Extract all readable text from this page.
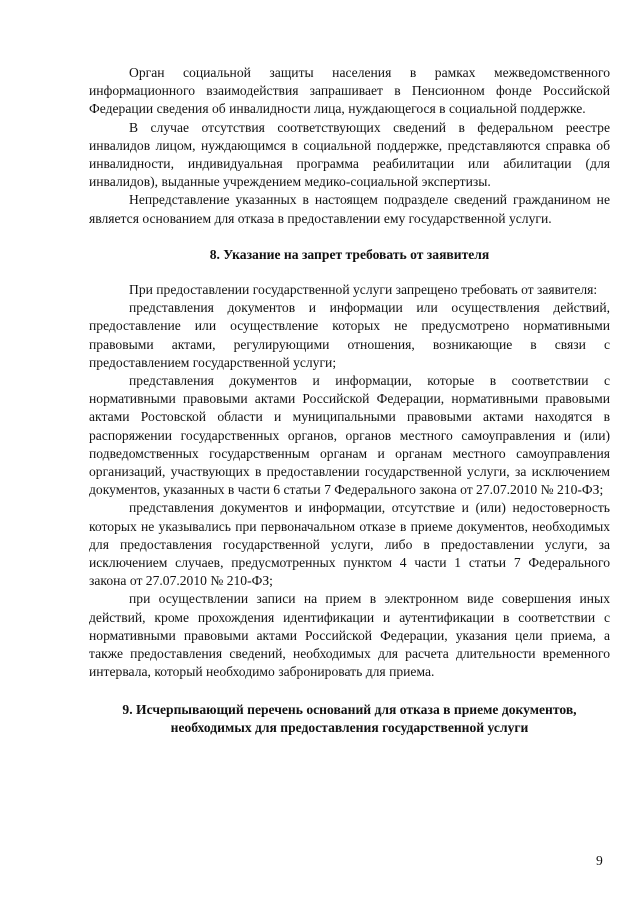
Орган социальной защиты населения в рамках межведомственного информационного взаимодействия запрашивает в Пенсионном фонде Российской Федерации сведения об инвалидности лица, нуждающегося в социальной поддержке.

В случае отсутствия соответствующих сведений в федеральном реестре инвалидов лицом, нуждающимся в социальной поддержке, представляются справка об инвалидности, индивидуальная программа реабилитации или абилитации (для инвалидов), выданные учреждением медико-социальной экспертизы.

Непредставление указанных в настоящем подразделе сведений гражданином не является основанием для отказа в предоставлении ему государственной услуги.

8. Указание на запрет требовать от заявителя

При предоставлении государственной услуги запрещено требовать от заявителя:

представления документов и информации или осуществления действий, предоставление или осуществление которых не предусмотрено нормативными правовыми актами, регулирующими отношения, возникающие в связи с предоставлением государственной услуги;

представления документов и информации, которые в соответствии с нормативными правовыми актами Российской Федерации, нормативными правовыми актами Ростовской области и муниципальными правовыми актами находятся в распоряжении государственных органов, органов местного самоуправления и (или) подведомственных государственным органам и органам местного самоуправления организаций, участвующих в предоставлении государственной услуги, за исключением документов, указанных в части 6 статьи 7 Федерального закона от 27.07.2010 № 210-ФЗ;

представления документов и информации, отсутствие и (или) недостоверность которых не указывались при первоначальном отказе в приеме документов, необходимых для предоставления государственной услуги, либо в предоставлении услуги, за исключением случаев, предусмотренных пунктом 4 части 1 статьи 7 Федерального закона от 27.07.2010 № 210-ФЗ;

при осуществлении записи на прием в электронном виде совершения иных действий, кроме прохождения идентификации и аутентификации в соответствии с нормативными правовыми актами Российской Федерации, указания цели приема, а также предоставления сведений, необходимых для расчета длительности временного интервала, который необходимо забронировать для приема.

9. Исчерпывающий перечень оснований для отказа в приеме документов,

необходимых для предоставления государственной услуги

9
